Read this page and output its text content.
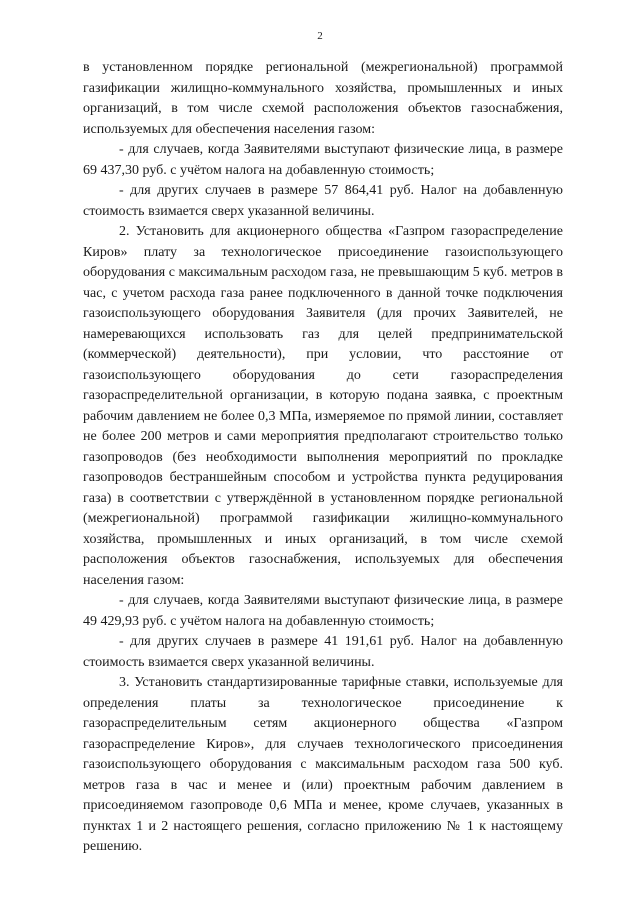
2

в установленном порядке региональной (межрегиональной) программой газификации жилищно-коммунального хозяйства, промышленных и иных организаций, в том числе схемой расположения объектов газоснабжения, используемых для обеспечения населения газом:

- для случаев, когда Заявителями выступают физические лица, в размере 69 437,30 руб. с учётом налога на добавленную стоимость;

- для других случаев в размере 57 864,41 руб. Налог на добавленную стоимость взимается сверх указанной величины.

2. Установить для акционерного общества «Газпром газораспределение Киров» плату за технологическое присоединение газоиспользующего оборудования с максимальным расходом газа, не превышающим 5 куб. метров в час, с учетом расхода газа ранее подключенного в данной точке подключения газоиспользующего оборудования Заявителя (для прочих Заявителей, не намеревающихся использовать газ для целей предпринимательской (коммерческой) деятельности), при условии, что расстояние от газоиспользующего оборудования до сети газораспределения газораспределительной организации, в которую подана заявка, с проектным рабочим давлением не более 0,3 МПа, измеряемое по прямой линии, составляет не более 200 метров и сами мероприятия предполагают строительство только газопроводов (без необходимости выполнения мероприятий по прокладке газопроводов бестраншейным способом и устройства пункта редуцирования газа) в соответствии с утверждённой в установленном порядке региональной (межрегиональной) программой газификации жилищно-коммунального хозяйства, промышленных и иных организаций, в том числе схемой расположения объектов газоснабжения, используемых для обеспечения населения газом:

- для случаев, когда Заявителями выступают физические лица, в размере 49 429,93 руб. с учётом налога на добавленную стоимость;

- для других случаев в размере 41 191,61 руб. Налог на добавленную стоимость взимается сверх указанной величины.

3. Установить стандартизированные тарифные ставки, используемые для определения платы за технологическое присоединение к газораспределительным сетям акционерного общества «Газпром газораспределение Киров», для случаев технологического присоединения газоиспользующего оборудования с максимальным расходом газа 500 куб. метров газа в час и менее и (или) проектным рабочим давлением в присоединяемом газопроводе 0,6 МПа и менее, кроме случаев, указанных в пунктах 1 и 2 настоящего решения, согласно приложению № 1 к настоящему решению.
